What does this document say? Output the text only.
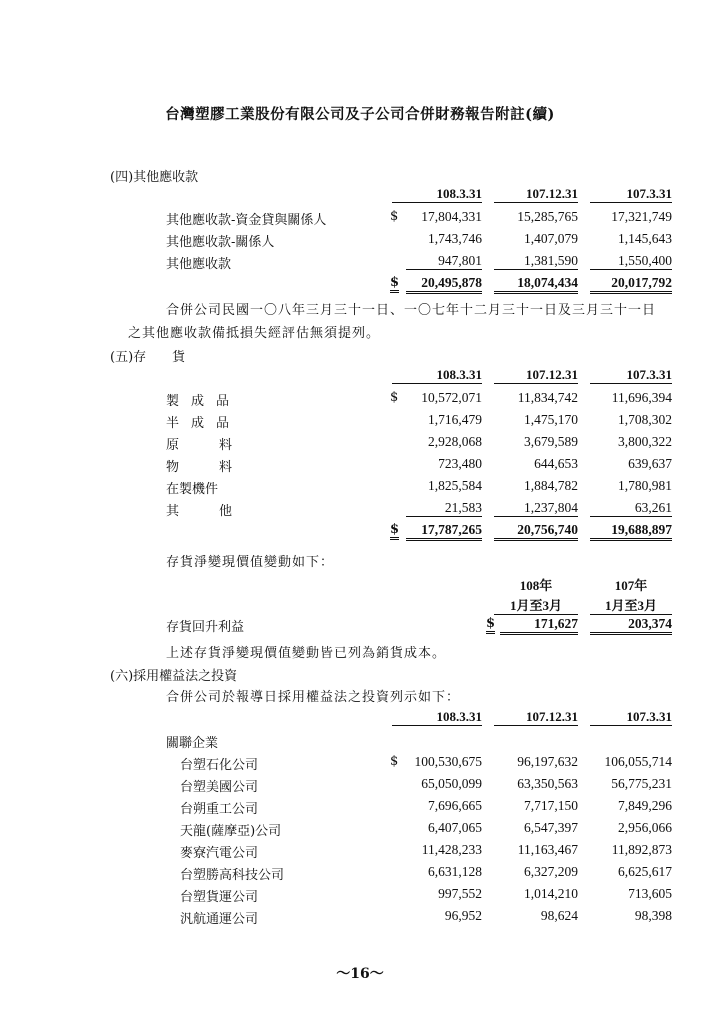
台灣塑膠工業股份有限公司及子公司合併財務報告附註(續)
(四)其他應收款
108.3.31	107.12.31	107.3.31
其他應收款-資金貸與關係人	$	17,804,331	15,285,765	17,321,749
其他應收款-關係人	1,743,746	1,407,079	1,145,643
其他應收款	947,801	1,381,590	1,550,400
$	20,495,878	18,074,434	20,017,792
合併公司民國一〇八年三月三十一日、一〇七年十二月三十一日及三月三十一日
之其他應收款備抵損失經評估無須提列。
(五)存　　貨
108.3.31	107.12.31	107.3.31
製成品	$	10,572,071	11,834,742	11,696,394
半成品	1,716,479	1,475,170	1,708,302
原料	2,928,068	3,679,589	3,800,322
物料	723,480	644,653	639,637
在製機件	1,825,584	1,884,782	1,780,981
其他	21,583	1,237,804	63,261
$	17,787,265	20,756,740	19,688,897
存貨淨變現價值變動如下：
108年	107年
1月至3月	1月至3月
存貨回升利益	$	171,627	203,374
上述存貨淨變現價值變動皆已列為銷貨成本。
(六)採用權益法之投資
合併公司於報導日採用權益法之投資列示如下：
108.3.31	107.12.31	107.3.31
關聯企業
台塑石化公司	$	100,530,675	96,197,632	106,055,714
台塑美國公司	65,050,099	63,350,563	56,775,231
台朔重工公司	7,696,665	7,717,150	7,849,296
天龍(薩摩亞)公司	6,407,065	6,547,397	2,956,066
麥寮汽電公司	11,428,233	11,163,467	11,892,873
台塑勝高科技公司	6,631,128	6,327,209	6,625,617
台塑貨運公司	997,552	1,014,210	713,605
汎航通運公司	96,952	98,624	98,398
～16～
